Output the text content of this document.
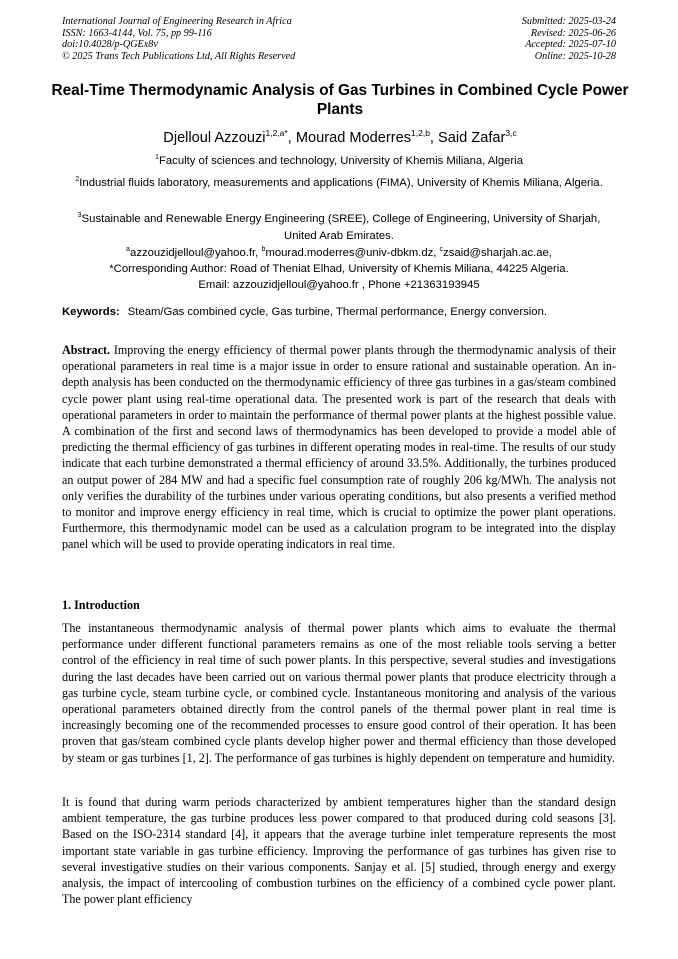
International Journal of Engineering Research in Africa
ISSN: 1663-4144, Vol. 75, pp 99-116
doi:10.4028/p-QGEx8v
© 2025 Trans Tech Publications Ltd, All Rights Reserved
Submitted: 2025-03-24
Revised: 2025-06-26
Accepted: 2025-07-10
Online: 2025-10-28
Real-Time Thermodynamic Analysis of Gas Turbines in Combined Cycle Power Plants
Djelloul Azzouzi$^{1,2,a*}$, Mourad Moderres$^{1,2,b}$, Said Zafar$^{3,c}$
$^1$Faculty of sciences and technology, University of Khemis Miliana, Algeria
$^2$Industrial fluids laboratory, measurements and applications (FIMA), University of Khemis Miliana, Algeria.
$^3$Sustainable and Renewable Energy Engineering (SREE), College of Engineering, University of Sharjah, United Arab Emirates.
$^a$azzouzidjelloul@yahoo.fr, $^b$mourad.moderres@univ-dbkm.dz, $^c$zsaid@sharjah.ac.ae,
*Corresponding Author: Road of Theniat Elhad, University of Khemis Miliana, 44225 Algeria.
Email: azzouzidjelloul@yahoo.fr , Phone +21363193945
Keywords: Steam/Gas combined cycle, Gas turbine, Thermal performance, Energy conversion.
Abstract. Improving the energy efficiency of thermal power plants through the thermodynamic analysis of their operational parameters in real time is a major issue in order to ensure rational and sustainable operation. An in-depth analysis has been conducted on the thermodynamic efficiency of three gas turbines in a gas/steam combined cycle power plant using real-time operational data. The presented work is part of the research that deals with operational parameters in order to maintain the performance of thermal power plants at the highest possible value. A combination of the first and second laws of thermodynamics has been developed to provide a model able of predicting the thermal efficiency of gas turbines in different operating modes in real-time. The results of our study indicate that each turbine demonstrated a thermal efficiency of around 33.5%. Additionally, the turbines produced an output power of 284 MW and had a specific fuel consumption rate of roughly 206 kg/MWh. The analysis not only verifies the durability of the turbines under various operating conditions, but also presents a verified method to monitor and improve energy efficiency in real time, which is crucial to optimize the power plant operations. Furthermore, this thermodynamic model can be used as a calculation program to be integrated into the display panel which will be used to provide operating indicators in real time.
1. Introduction
The instantaneous thermodynamic analysis of thermal power plants which aims to evaluate the thermal performance under different functional parameters remains as one of the most reliable tools serving a better control of the efficiency in real time of such power plants. In this perspective, several studies and investigations during the last decades have been carried out on various thermal power plants that produce electricity through a gas turbine cycle, steam turbine cycle, or combined cycle. Instantaneous monitoring and analysis of the various operational parameters obtained directly from the control panels of the thermal power plant in real time is increasingly becoming one of the recommended processes to ensure good control of their operation. It has been proven that gas/steam combined cycle plants develop higher power and thermal efficiency than those developed by steam or gas turbines [1, 2]. The performance of gas turbines is highly dependent on temperature and humidity.
It is found that during warm periods characterized by ambient temperatures higher than the standard design ambient temperature, the gas turbine produces less power compared to that produced during cold seasons [3]. Based on the ISO-2314 standard [4], it appears that the average turbine inlet temperature represents the most important state variable in gas turbine efficiency. Improving the performance of gas turbines has given rise to several investigative studies on their various components. Sanjay et al. [5] studied, through energy and exergy analysis, the impact of intercooling of combustion turbines on the efficiency of a combined cycle power plant. The power plant efficiency
